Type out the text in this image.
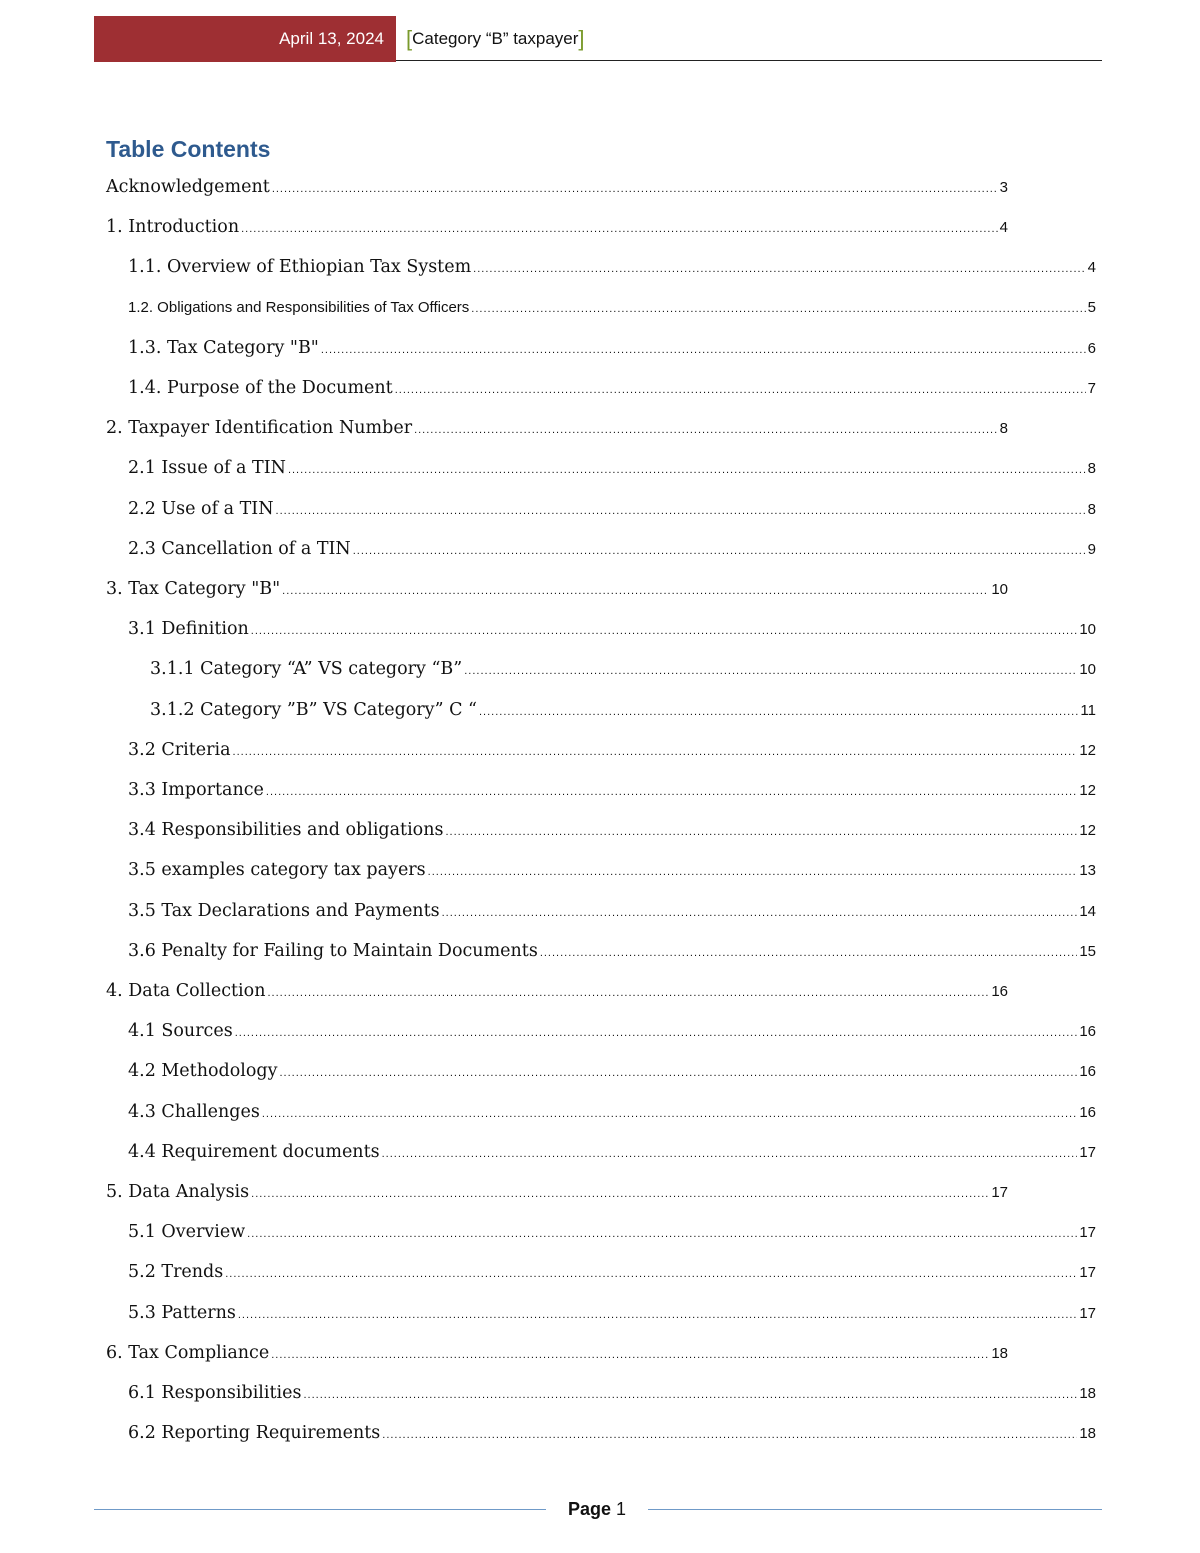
April 13, 2024 [ Category “B” taxpayer ]
Table Contents
Acknowledgement .....	3
1. Introduction .....	4
1.1. Overview of Ethiopian Tax System .....	4
1.2. Obligations and Responsibilities of Tax Officers .....	5
1.3. Tax Category "B" .....	6
1.4. Purpose of the Document .....	7
2. Taxpayer Identification Number .....	8
2.1 Issue of a TIN .....	8
2.2 Use of a TIN .....	8
2.3 Cancellation of a TIN .....	9
3. Tax Category "B" .....	10
3.1 Definition .....	10
3.1.1 Category “A” VS category “B” .....	10
3.1.2 Category ”B” VS Category” C “ .....	11
3.2 Criteria .....	12
3.3 Importance .....	12
3.4 Responsibilities and obligations .....	12
3.5 examples category tax payers .....	13
3.5 Tax Declarations and Payments .....	14
3.6 Penalty for Failing to Maintain Documents .....	15
4. Data Collection .....	16
4.1 Sources .....	16
4.2 Methodology .....	16
4.3 Challenges .....	16
4.4 Requirement documents .....	17
5. Data Analysis .....	17
5.1 Overview .....	17
5.2 Trends .....	17
5.3 Patterns .....	17
6. Tax Compliance .....	18
6.1 Responsibilities .....	18
6.2 Reporting Requirements .....	18
Page 1
